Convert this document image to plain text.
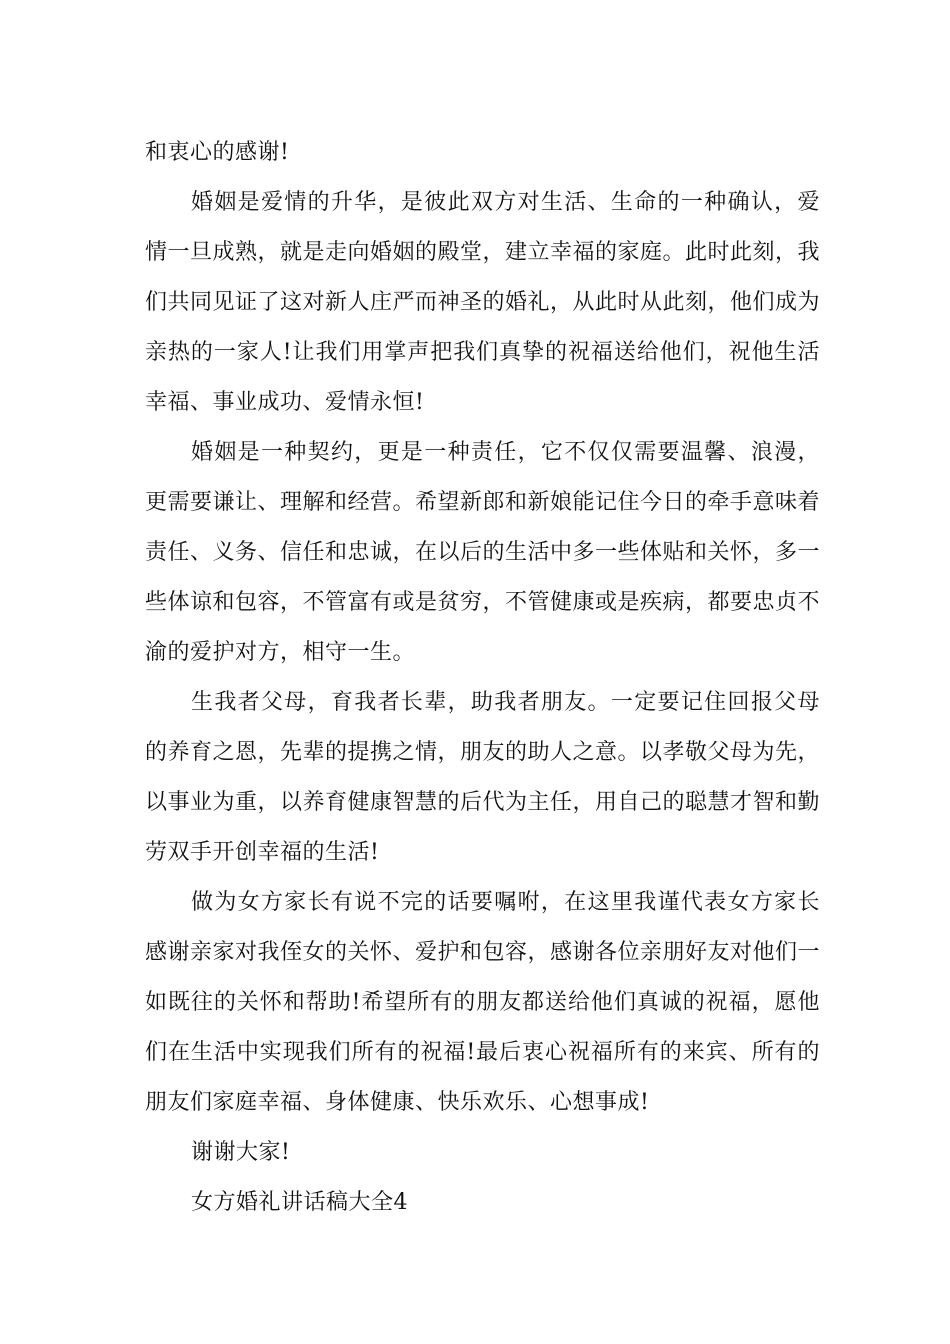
和衷心的感谢!

婚姻是爱情的升华，是彼此双方对生活、生命的一种确认，爱情一旦成熟，就是走向婚姻的殿堂，建立幸福的家庭。此时此刻，我们共同见证了这对新人庄严而神圣的婚礼，从此时从此刻，他们成为亲热的一家人!让我们用掌声把我们真挚的祝福送给他们，祝他生活幸福、事业成功、爱情永恒!

婚姻是一种契约，更是一种责任，它不仅仅需要温馨、浪漫，更需要谦让、理解和经营。希望新郎和新娘能记住今日的牵手意味着责任、义务、信任和忠诚，在以后的生活中多一些体贴和关怀，多一些体谅和包容，不管富有或是贫穷，不管健康或是疾病，都要忠贞不渝的爱护对方，相守一生。

生我者父母，育我者长辈，助我者朋友。一定要记住回报父母的养育之恩，先辈的提携之情，朋友的助人之意。以孝敬父母为先，以事业为重，以养育健康智慧的后代为主任，用自己的聪慧才智和勤劳双手开创幸福的生活!

做为女方家长有说不完的话要嘱咐，在这里我谨代表女方家长感谢亲家对我侄女的关怀、爱护和包容，感谢各位亲朋好友对他们一如既往的关怀和帮助!希望所有的朋友都送给他们真诚的祝福，愿他们在生活中实现我们所有的祝福!最后衷心祝福所有的来宾、所有的朋友们家庭幸福、身体健康、快乐欢乐、心想事成!

谢谢大家!

女方婚礼讲话稿大全4
